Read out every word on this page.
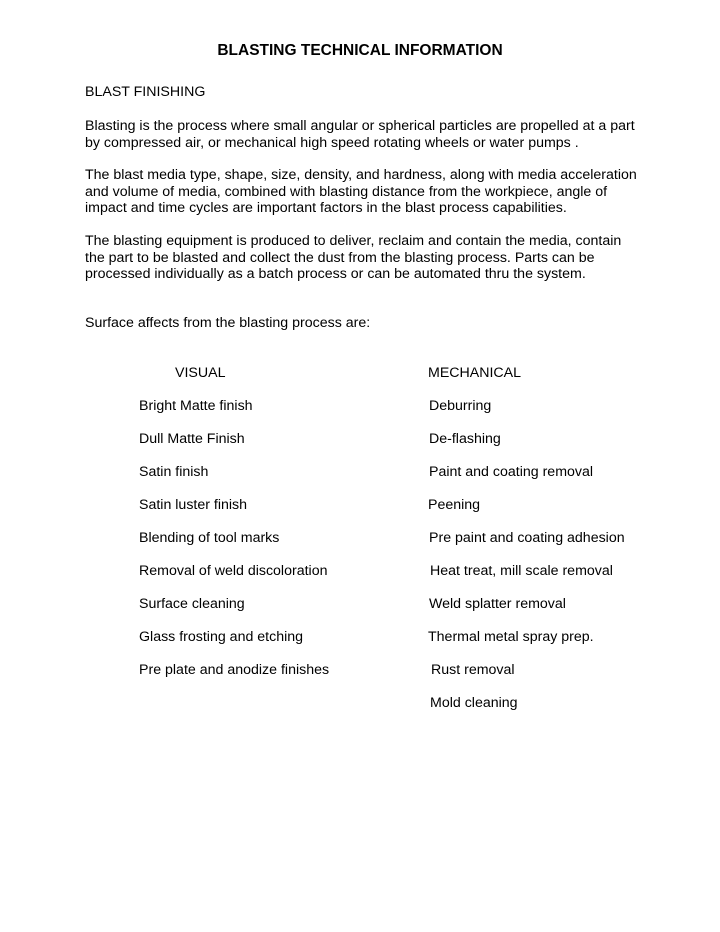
BLASTING TECHNICAL INFORMATION

BLAST FINISHING

Blasting is the process where small angular or spherical particles are propelled at a part
by compressed air, or mechanical high speed rotating wheels or water pumps .

The blast media type, shape, size, density, and hardness, along with media acceleration
and volume of media, combined with blasting distance from the workpiece, angle of
impact and time cycles are important factors in the blast process capabilities.

The blasting equipment is produced to deliver, reclaim and contain the media, contain
the part to be blasted and collect the dust from the blasting process. Parts can be
processed individually as a batch process or can be automated thru the system.

Surface affects from the blasting process are:

VISUAL
Bright Matte finish
Dull Matte Finish
Satin finish
Satin luster finish
Blending of tool marks
Removal of weld discoloration
Surface cleaning
Glass frosting and etching
Pre plate and anodize finishes
MECHANICAL
Deburring
De-flashing
Paint and coating removal
Peening
Pre paint and coating adhesion
Heat treat, mill scale removal
Weld splatter removal
Thermal metal spray prep.
Rust removal
Mold cleaning
